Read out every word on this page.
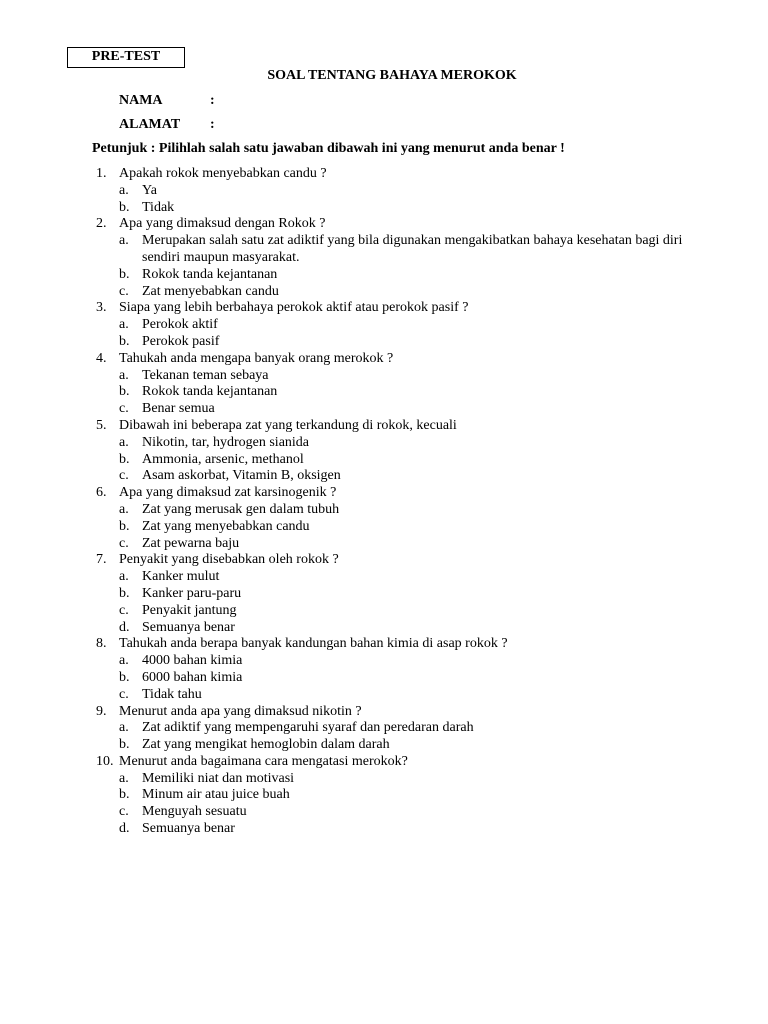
PRE-TEST
SOAL TENTANG BAHAYA MEROKOK
NAMA	:
ALAMAT :
Petunjuk : Pilihlah salah satu jawaban dibawah ini yang menurut anda benar !
1. Apakah rokok menyebabkan candu ?
a. Ya
b. Tidak
2. Apa yang dimaksud dengan Rokok ?
a. Merupakan salah satu zat adiktif yang bila digunakan mengakibatkan bahaya kesehatan bagi diri sendiri maupun masyarakat.
b. Rokok tanda kejantanan
c. Zat menyebabkan candu
3. Siapa yang lebih berbahaya perokok aktif atau perokok pasif ?
a. Perokok aktif
b. Perokok pasif
4. Tahukah anda mengapa banyak orang merokok ?
a. Tekanan teman sebaya
b. Rokok tanda kejantanan
c. Benar semua
5. Dibawah ini beberapa zat yang terkandung di rokok, kecuali
a. Nikotin, tar, hydrogen sianida
b. Ammonia, arsenic, methanol
c. Asam askorbat, Vitamin B, oksigen
6. Apa yang dimaksud zat karsinogenik ?
a. Zat yang merusak gen dalam tubuh
b. Zat yang menyebabkan candu
c. Zat pewarna baju
7. Penyakit yang disebabkan oleh rokok ?
a. Kanker mulut
b. Kanker paru-paru
c. Penyakit jantung
d. Semuanya benar
8. Tahukah anda berapa banyak kandungan bahan kimia di asap rokok ?
a. 4000 bahan kimia
b. 6000 bahan kimia
c. Tidak tahu
9. Menurut anda apa yang dimaksud nikotin ?
a. Zat adiktif yang mempengaruhi syaraf dan peredaran darah
b. Zat yang mengikat hemoglobin dalam darah
10. Menurut anda bagaimana cara mengatasi merokok?
a. Memiliki niat dan motivasi
b. Minum air atau juice buah
c. Menguyah sesuatu
d. Semuanya benar
